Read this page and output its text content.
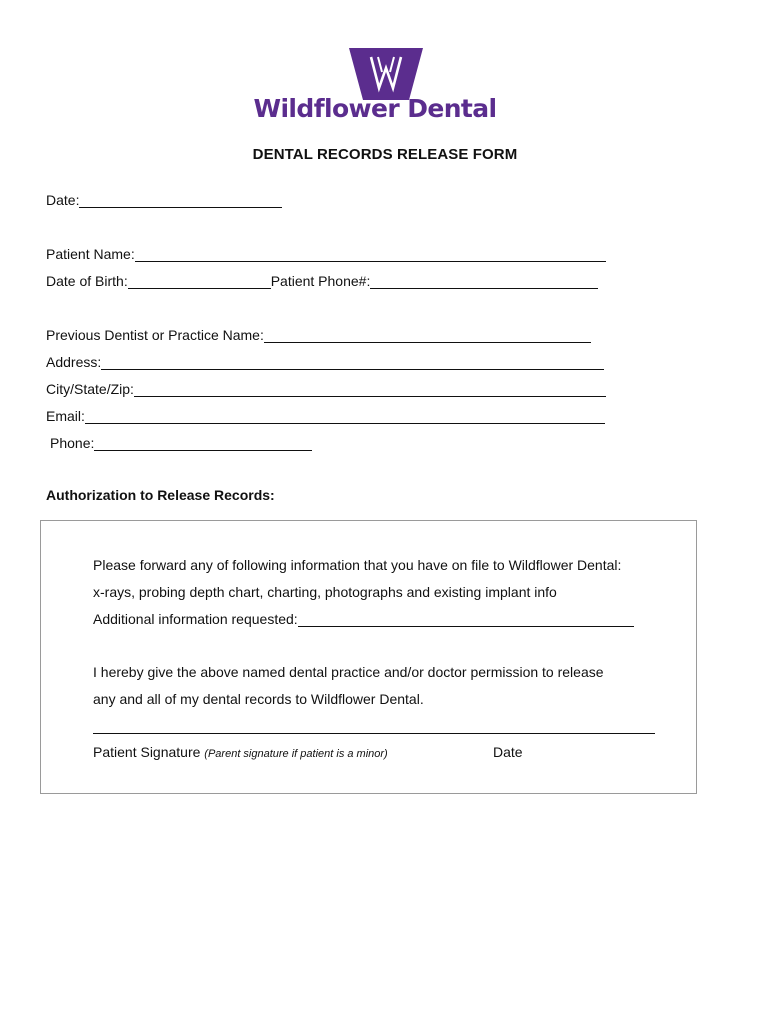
Wildflower Dental
DENTAL RECORDS RELEASE FORM
Date:
Patient Name:
Date of Birth:	Patient Phone#:
Previous Dentist or Practice Name:
Address:
City/State/Zip:
Email:
Phone:
Authorization to Release Records:
Please forward any of following information that you have on file to Wildflower Dental:
x-rays, probing depth chart, charting, photographs and existing implant info
Additional information requested:
I hereby give the above named dental practice and/or doctor permission to release
any and all of my dental records to Wildflower Dental.
Patient Signature (Parent signature if patient is a minor)	Date
